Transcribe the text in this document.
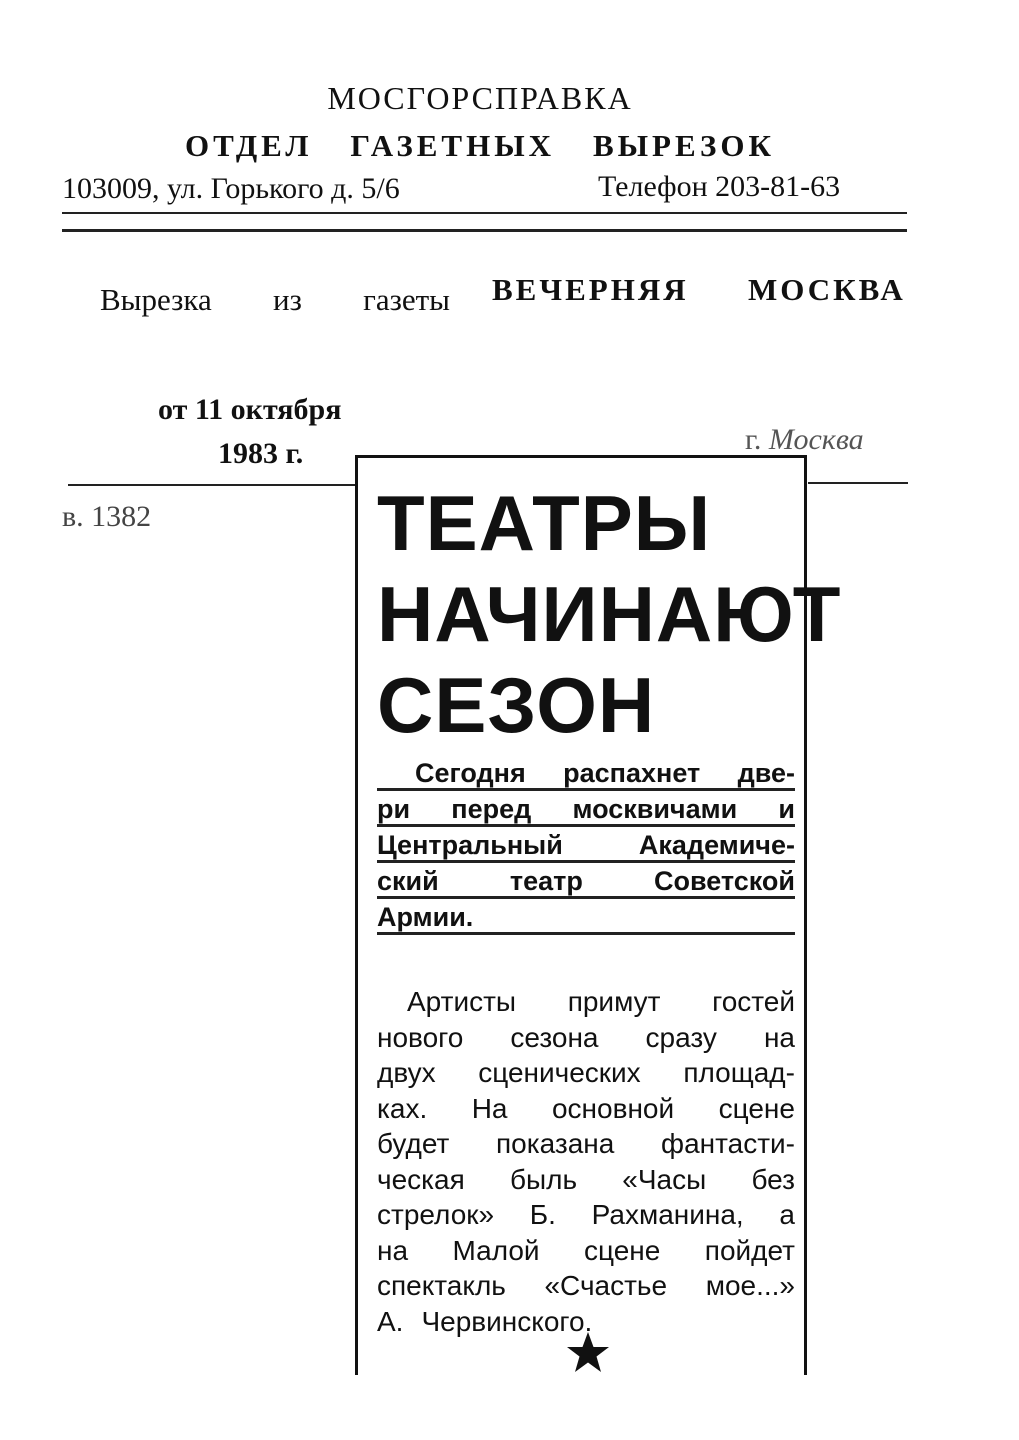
МОСГОРСПРАВКА
ОТДЕЛ ГАЗЕТНЫХ ВЫРЕЗОК
103009, ул. Горького д. 5/6	Телефон 203-81-63
Вырезка из газеты ВЕЧЕРНЯЯ МОСКВА
от 11 октября
1983 г.	г. Москва
в. 1382	ТЕАТРЫ
НАЧИНАЮТ
СЕЗОН
Сегодня распахнет две-
ри перед москвичами и
Центральный	Академиче-
ский	театр	Советской
Армии.
Артисты примут гостей
нового сезона сразу на
двух сценических площад-
ках. На основной сцене
будет показана фантасти-
ческая быль «Часы без
стрелок» Б. Рахманина, а
на Малой сцене пойдет
спектакль «Счастье мое...»
А. Червинского.
